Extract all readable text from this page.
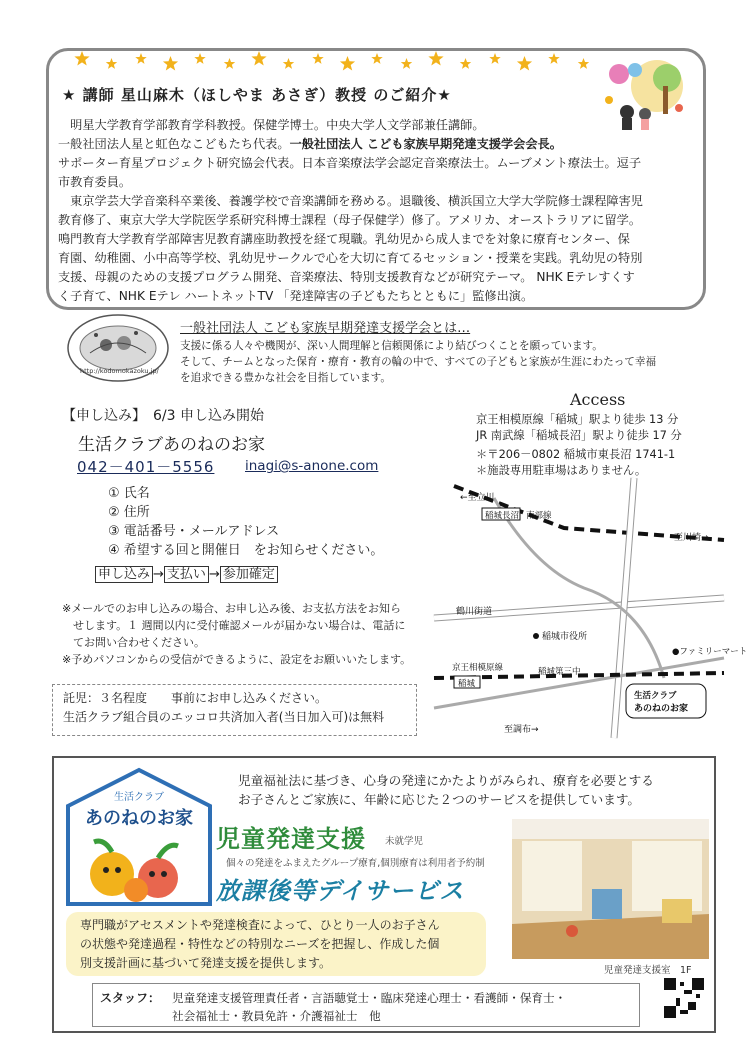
★ 講師 星山麻木（ほしやま あさぎ）教授 のご紹介★
　明星大学教育学部教育学科教授。保健学博士。中央大学人文学部兼任講師。
一般社団法人星と虹色なこどもたち代表。一般社団法人 こども家族早期発達支援学会会長。
サポーター育星プロジェクト研究協会代表。日本音楽療法学会認定音楽療法士。ムーブメント療法士。逗子
市教育委員。
　東京学芸大学音楽科卒業後、養護学校で音楽講師を務める。退職後、横浜国立大学大学院修士課程障害児
教育修了、東京大学大学院医学系研究科博士課程（母子保健学）修了。アメリカ、オーストラリアに留学。
鳴門教育大学教育学部障害児教育講座助教授を経て現職。乳幼児から成人までを対象に療育センター、保
育園、幼稚園、小中高等学校、乳幼児サークルで心を大切に育てるセッション・授業を実践。乳幼児の特別
支援、母親のための支援プログラム開発、音楽療法、特別支援教育などが研究テーマ。 NHK Eテレすくす
く子育て、NHK Eテレ ハートネットTV 「発達障害の子どもたちとともに」監修出演。
http://kodomokazoku.jp/
一般社団法人 こども家族早期発達支援学会とは…
支援に係る人々や機関が、深い人間理解と信頼関係により結びつくことを願っています。
そして、チームとなった保育・療育・教育の輪の中で、すべての子どもと家族が生涯にわたって幸福
を追求できる豊かな社会を目指しています。
【申し込み】　6/3 申し込み開始
生活クラブあのねのお家
042－401－5556 inagi@s-anone.com
① 氏名
② 住所
③ 電話番号・メールアドレス
④ 希望する回と開催日　をお知らせください。
申し込み → 支払い → 参加確定
※メールでのお申し込みの場合、お申し込み後、お支払方法をお知ら
　せします。１ 週間以内に受付確認メールが届かない場合は、電話に
　てお問い合わせください。
※予めパソコンからの受信ができるように、設定をお願いいたします。
託児：３名程度　　事前にお申し込みください。
生活クラブ組合員のエッコロ共済加入者(当日加入可)は無料
Access
京王相模原線「稲城」駅より徒歩 13 分
JR 南武線「稲城長沼」駅より徒歩 17 分
＊〒206－0802 稲城市東長沼 1741-1
＊施設専用駐車場はありません。
←至立川
稲城長沼 南部線
至川崎→
鶴川街道
稲城市役所
京王相模原線
稲城
稲城第三中
●ファミリーマート
生活クラブ
あのねのお家
至調布→
生活クラブ
あのねのお家
児童福祉法に基づき、心身の発達にかたよりがみられ、療育を必要とする
お子さんとご家族に、年齢に応じた２つのサービスを提供しています。
児童発達支援 未就学児
個々の発達をふまえたグループ療育,個別療育は利用者予約制
放課後等デイサービス
専門職がアセスメントや発達検査によって、ひとり一人のお子さん
の状態や発達過程・特性などの特別なニーズを把握し、作成した個
別支援計画に基づいて発達支援を提供します。
児童発達支援室　1F
スタッフ： 児童発達支援管理責任者・言語聴覚士・臨床発達心理士・看護師・保育士・
社会福祉士・教員免許・介護福祉士　他
